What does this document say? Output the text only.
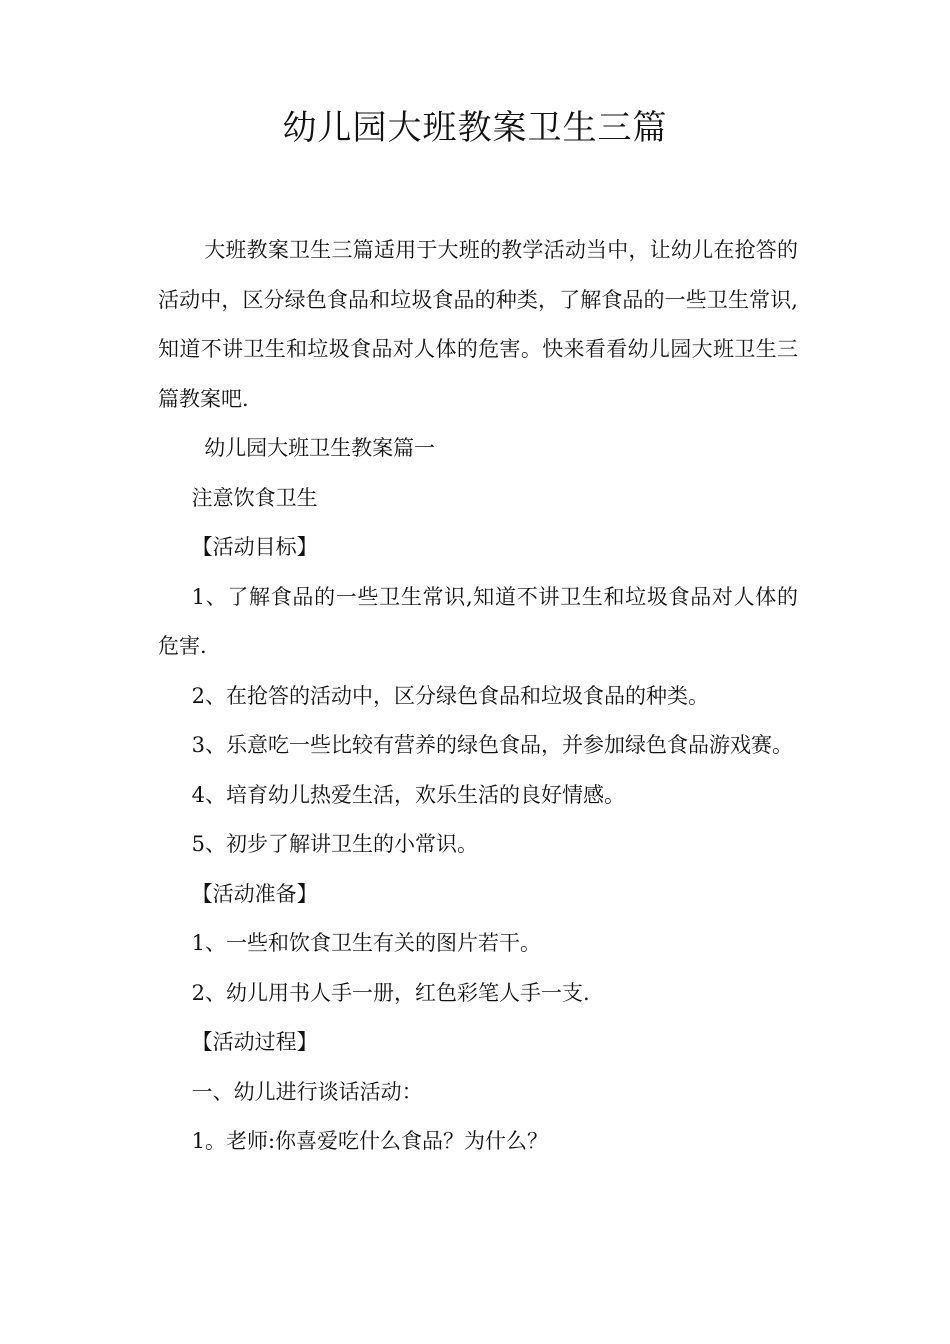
幼儿园大班教案卫生三篇

大班教案卫生三篇适用于大班的教学活动当中，让幼儿在抢答的活动中，区分绿色食品和垃圾食品的种类，了解食品的一些卫生常识,知道不讲卫生和垃圾食品对人体的危害。快来看看幼儿园大班卫生三篇教案吧.

幼儿园大班卫生教案篇一

注意饮食卫生

【活动目标】

1、了解食品的一些卫生常识,知道不讲卫生和垃圾食品对人体的危害.

2、在抢答的活动中，区分绿色食品和垃圾食品的种类。

3、乐意吃一些比较有营养的绿色食品，并参加绿色食品游戏赛。

4、培育幼儿热爱生活，欢乐生活的良好情感。

5、初步了解讲卫生的小常识。

【活动准备】

1、一些和饮食卫生有关的图片若干。

2、幼儿用书人手一册，红色彩笔人手一支.

【活动过程】

一、幼儿进行谈话活动：

1。老师:你喜爱吃什么食品？为什么？
